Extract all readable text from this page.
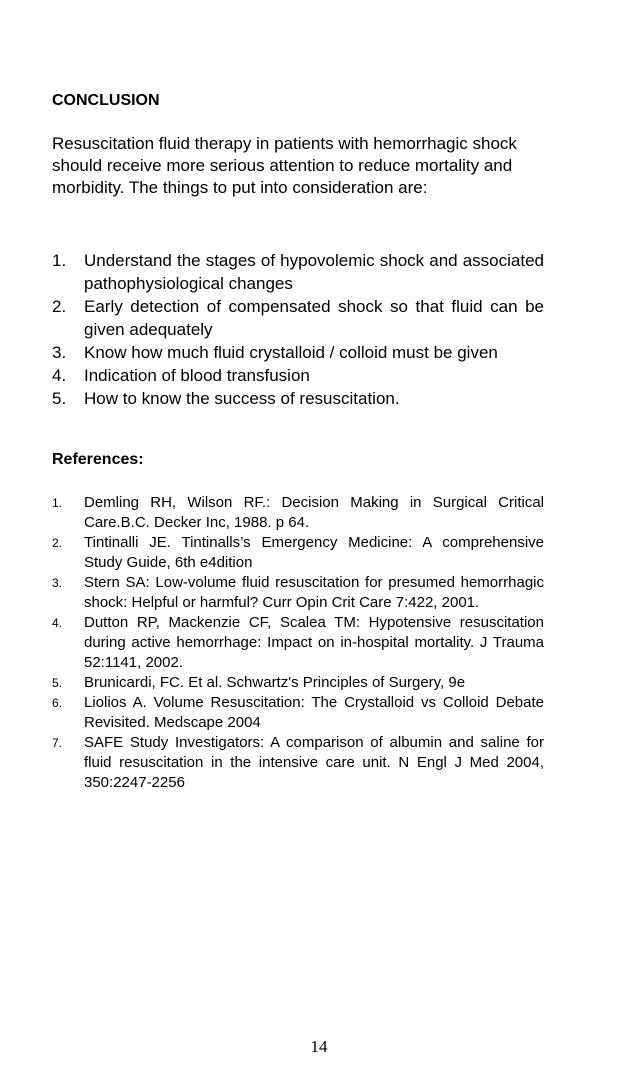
CONCLUSION
Resuscitation fluid therapy in patients with hemorrhagic shock should receive more serious attention to reduce mortality and morbidity. The things to put into consideration are:
1.	Understand the stages of hypovolemic shock and associated pathophysiological changes
2.	Early detection of compensated shock so that fluid can be given adequately
3.	Know how much fluid crystalloid / colloid must be given
4.	Indication of blood transfusion
5.	How to know the success of resuscitation.
References:
1.	Demling RH, Wilson RF.: Decision Making in Surgical Critical Care.B.C. Decker Inc, 1988. p 64.
2.	Tintinalli JE. Tintinalls’s Emergency Medicine: A comprehensive Study Guide, 6th e4dition
3.	Stern SA: Low-volume fluid resuscitation for presumed hemorrhagic shock: Helpful or harmful? Curr Opin Crit Care 7:422, 2001.
4.	Dutton RP, Mackenzie CF, Scalea TM: Hypotensive resuscitation during active hemorrhage: Impact on in-hospital mortality. J Trauma 52:1141, 2002.
5.	Brunicardi, FC. Et al. Schwartz's Principles of Surgery, 9e
6.	Liolios A. Volume Resuscitation: The Crystalloid vs Colloid Debate Revisited. Medscape 2004
7.	SAFE Study Investigators: A comparison of albumin and saline for fluid resuscitation in the intensive care unit. N Engl J Med 2004, 350:2247-2256
14
